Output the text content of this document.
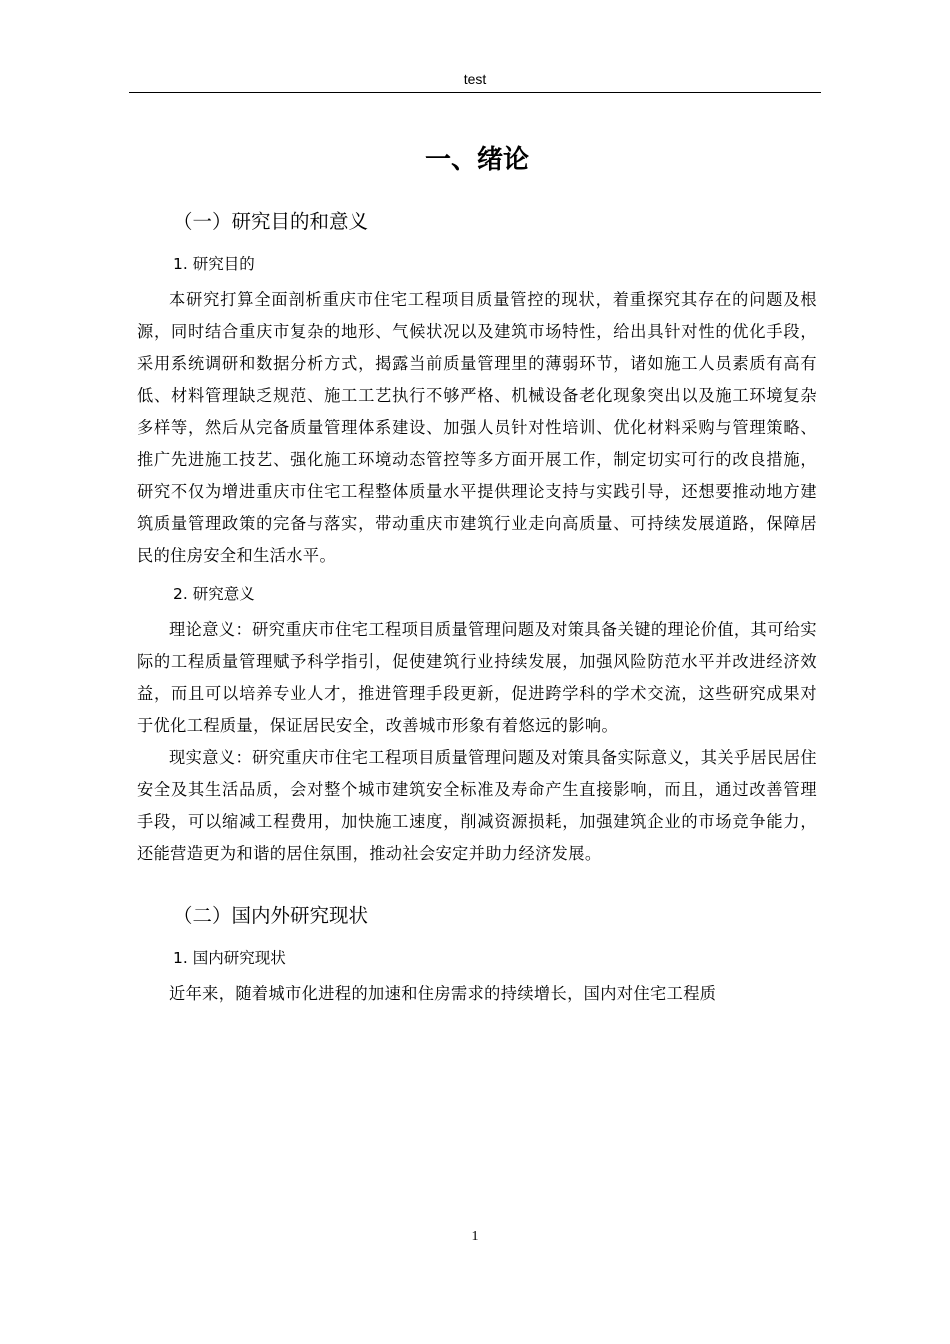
test
一、绪论
（一）研究目的和意义
1. 研究目的

本研究打算全面剖析重庆市住宅工程项目质量管控的现状，着重探究其存在的问题及根源，同时结合重庆市复杂的地形、气候状况以及建筑市场特性，给出具针对性的优化手段，采用系统调研和数据分析方式，揭露当前质量管理里的薄弱环节，诸如施工人员素质有高有低、材料管理缺乏规范、施工工艺执行不够严格、机械设备老化现象突出以及施工环境复杂多样等，然后从完备质量管理体系建设、加强人员针对性培训、优化材料采购与管理策略、推广先进施工技艺、强化施工环境动态管控等多方面开展工作，制定切实可行的改良措施，研究不仅为增进重庆市住宅工程整体质量水平提供理论支持与实践引导，还想要推动地方建筑质量管理政策的完备与落实，带动重庆市建筑行业走向高质量、可持续发展道路，保障居民的住房安全和生活水平。

2. 研究意义

理论意义：研究重庆市住宅工程项目质量管理问题及对策具备关键的理论价值，其可给实际的工程质量管理赋予科学指引，促使建筑行业持续发展，加强风险防范水平并改进经济效益，而且可以培养专业人才，推进管理手段更新，促进跨学科的学术交流，这些研究成果对于优化工程质量，保证居民安全，改善城市形象有着悠远的影响。

现实意义：研究重庆市住宅工程项目质量管理问题及对策具备实际意义，其关乎居民居住安全及其生活品质，会对整个城市建筑安全标准及寿命产生直接影响，而且，通过改善管理手段，可以缩减工程费用，加快施工速度，削减资源损耗，加强建筑企业的市场竞争能力，还能营造更为和谐的居住氛围，推动社会安定并助力经济发展。

（二）国内外研究现状
1. 国内研究现状

近年来，随着城市化进程的加速和住房需求的持续增长，国内对住宅工程质

1
